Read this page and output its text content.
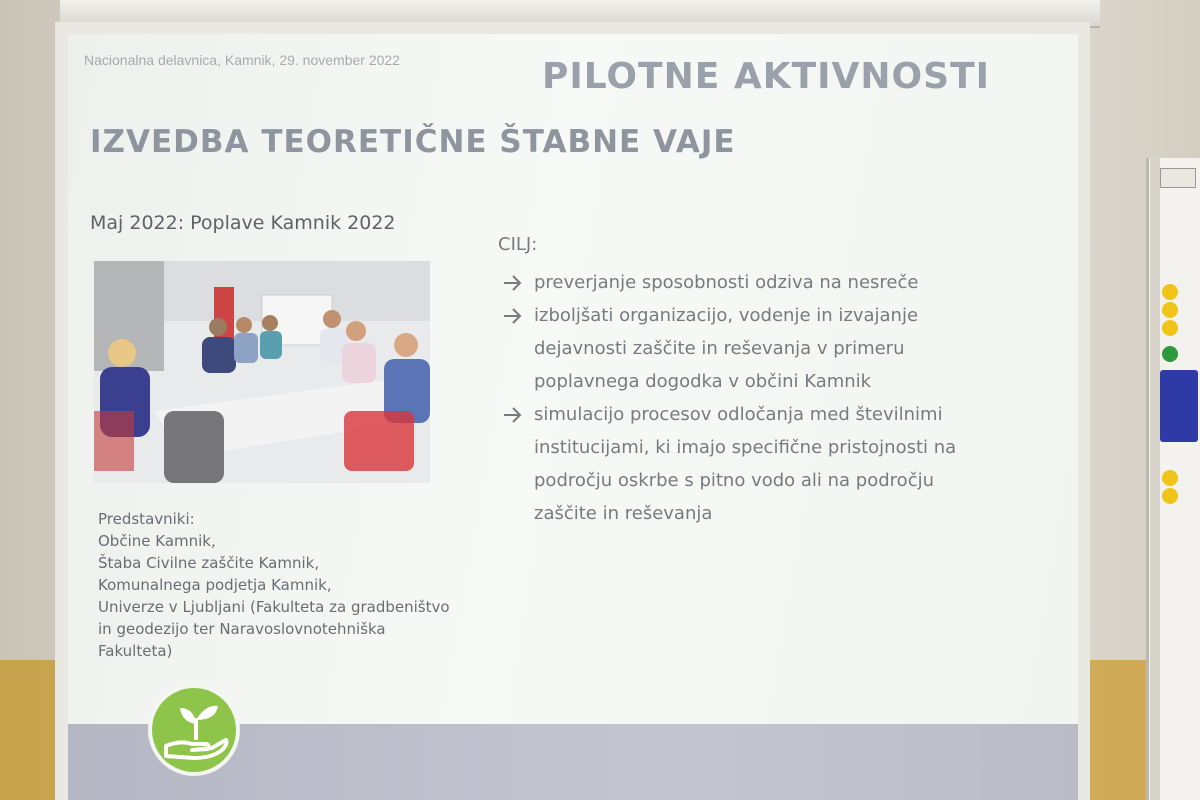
Nacionalna delavnica, Kamnik, 29. november 2022	PILOTNE AKTIVNOSTI
IZVEDBA TEORETIČNE ŠTABNE VAJE
Maj 2022: Poplave Kamnik 2022
CILJ:
preverjanje sposobnosti odziva na nesreče
izboljšati organizacijo, vodenje in izvajanje
dejavnosti zaščite in reševanja v primeru
poplavnega dogodka v občini Kamnik
simulacijo procesov odločanja med številnimi
institucijami, ki imajo specifične pristojnosti na
področju oskrbe s pitno vodo ali na področju
zaščite in reševanja
Predstavniki:
Občine Kamnik,
Štaba Civilne zaščite Kamnik,
Komunalnega podjetja Kamnik,
Univerze v Ljubljani (Fakulteta za gradbeništvo
in geodezijo ter Naravoslovnotehniška
Fakulteta)
